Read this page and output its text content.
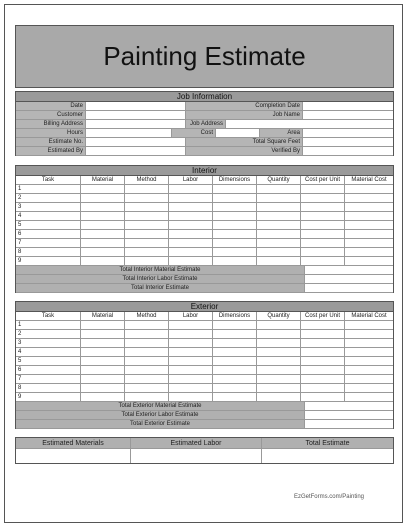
Painting Estimate
Job Information
Date	Completion Date
Customer	Job Name
Billing Address	Job Address
Hours	Cost	Area
Estimate No.	Total Square Feet
Estimated By	Verified By
Interior
Task	Material	Method	Labor	Dimensions	Quantity	Cost per Unit	Material Cost
1
2
3
4
5
6
7
8
9
Total Interior Material Estimate
Total Interior Labor Estimate
Total Interior Estimate
Exterior
Task	Material	Method	Labor	Dimensions	Quantity	Cost per Unit	Material Cost
1
2
3
4
5
6
7
8
9
Total Exterior Material Estimate
Total Exterior Labor Estimate
Total Exterior Estimate
Estimated Materials	Estimated Labor	Total Estimate
EzGetForms.com/Painting
